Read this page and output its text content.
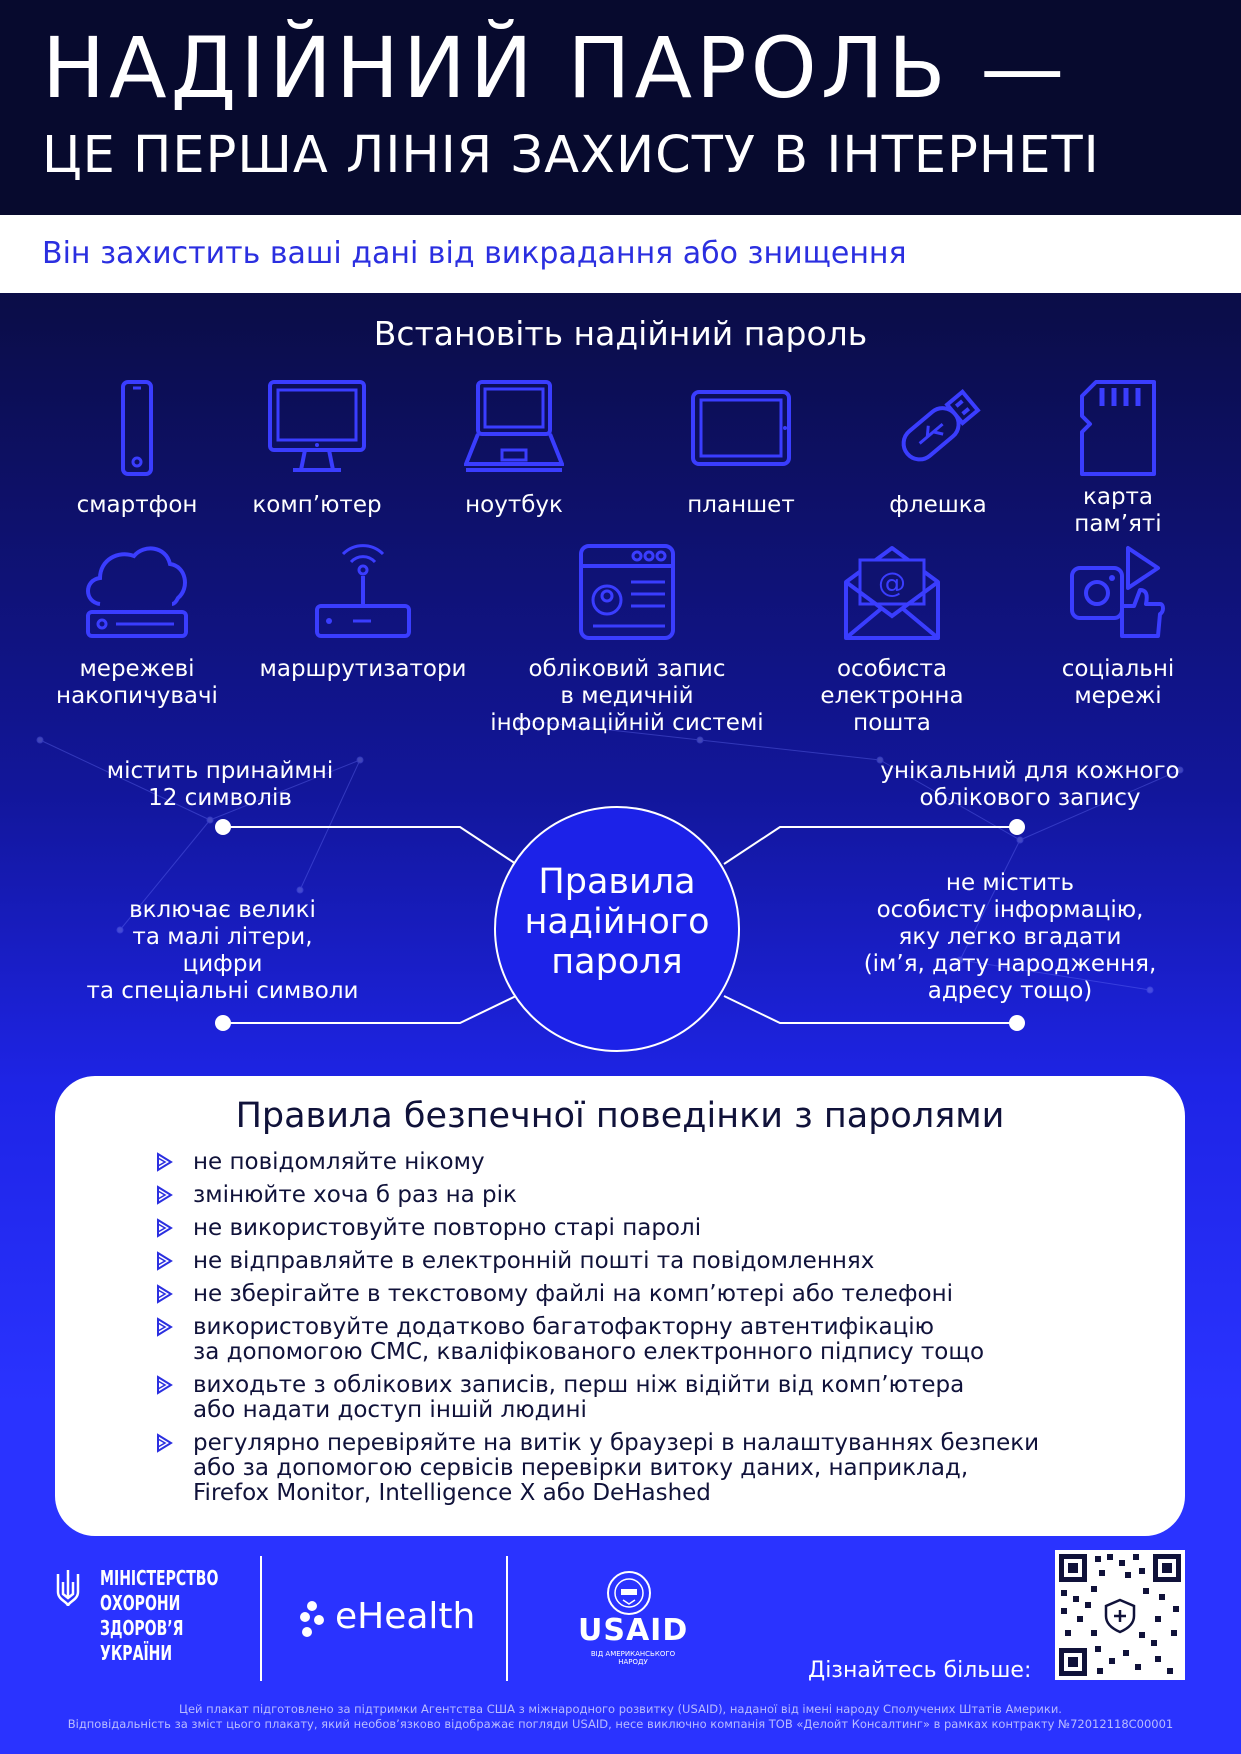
НАДІЙНИЙ ПАРОЛЬ —
ЦЕ ПЕРША ЛІНІЯ ЗАХИСТУ В ІНТЕРНЕТІ
Він захистить ваші дані від викрадання або знищення
Встановіть надійний пароль
смартфон	комп’ютер	ноутбук	планшет	флешка	карта
пам’яті
мережеві
накопичувачі
маршрутизатори	обліковий запис
в медичній
інформаційній системі
@
особиста
електронна
пошта
соціальні
мережі
Правила
надійного
пароля
містить принаймні
12 символів
унікальний для кожного
облікового запису
включає великі
та малі літери,
цифри
та спеціальні символи
не містить
особисту інформацію,
яку легко вгадати
(ім’я, дату народження,
адресу тощо)
Правила безпечної поведінки з паролями
не повідомляйте нікому
змінюйте хоча б раз на рік
не використовуйте повторно старі паролі
не відправляйте в електронній пошті та повідомленнях
не зберігайте в текстовому файлі на комп’ютері або телефоні
використовуйте додатково багатофакторну автентифікацію
за допомогою СМС, кваліфікованого електронного підпису тощо
виходьте з облікових записів, перш ніж відійти від комп’ютера
або надати доступ іншій людині
регулярно перевіряйте на витік у браузері в налаштуваннях безпеки
або за допомогою сервісів перевірки витоку даних, наприклад,
Firefox Monitor, Intelligence X або DeHashed
МІНІСТЕРСТВО
ОХОРОНИ
ЗДОРОВ’Я
УКРАЇНИ
eHealth	USAID
ВІД АМЕРИКАНСЬКОГО НАРОДУ	Дізнайтесь більше:
Цей плакат підготовлено за підтримки Агентства США з міжнародного розвитку (USAID), наданої від імені народу Сполучених Штатів Америки.
Відповідальність за зміст цього плакату, який необов’язково відображає погляди USAID, несе виключно компанія ТОВ «Делойт Консалтинг» в рамках контракту №72012118C00001
